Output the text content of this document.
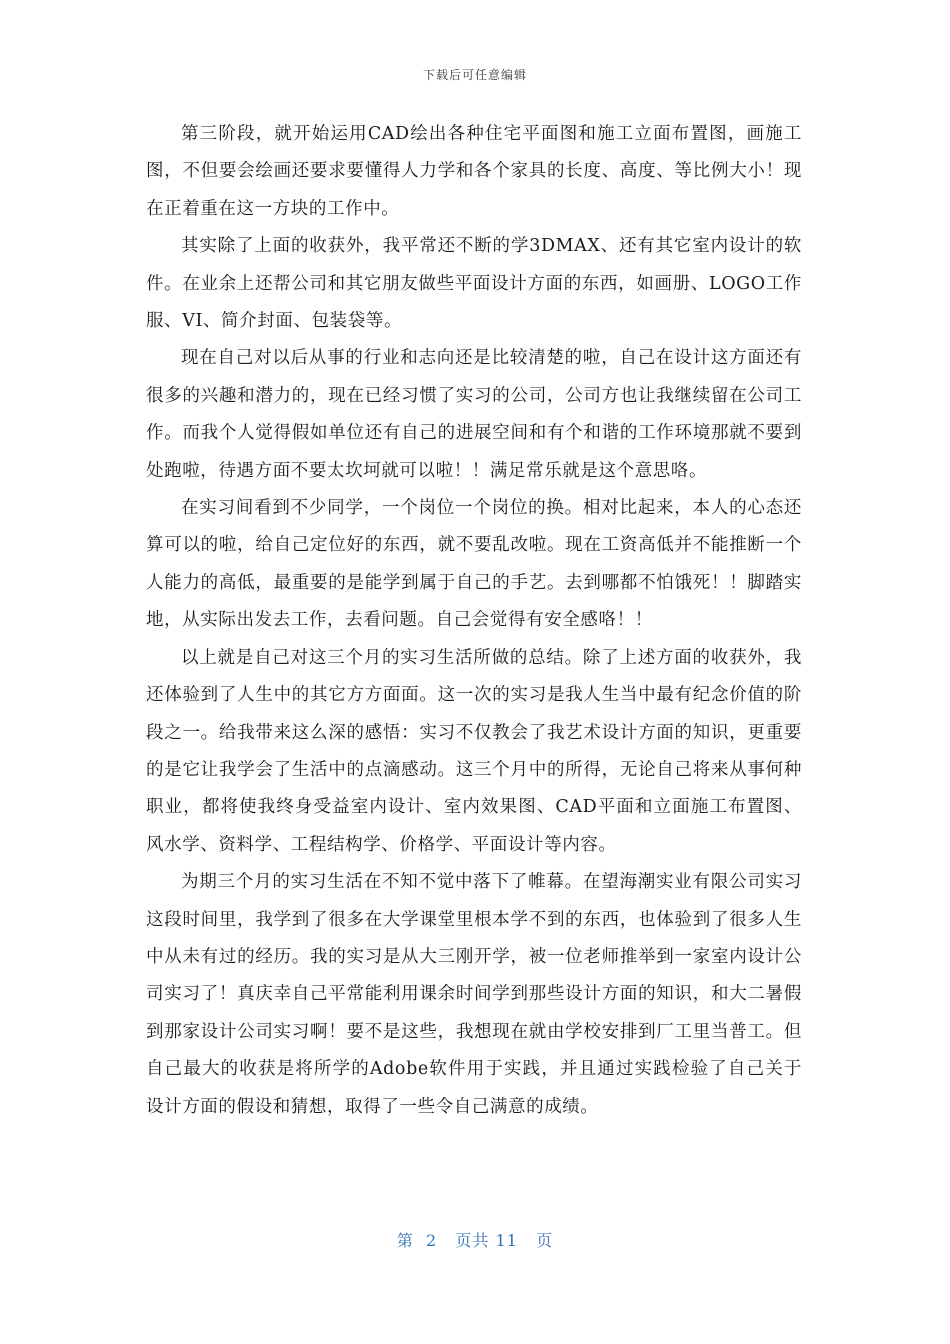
下载后可任意编辑

第三阶段，就开始运用CAD绘出各种住宅平面图和施工立面布置图，画施工图，不但要会绘画还要求要懂得人力学和各个家具的长度、高度、等比例大小！现在正着重在这一方块的工作中。

其实除了上面的收获外，我平常还不断的学3DMAX、还有其它室内设计的软件。在业余上还帮公司和其它朋友做些平面设计方面的东西，如画册、LOGO工作服、VI、简介封面、包装袋等。

现在自己对以后从事的行业和志向还是比较清楚的啦，自己在设计这方面还有很多的兴趣和潜力的，现在已经习惯了实习的公司，公司方也让我继续留在公司工作。而我个人觉得假如单位还有自己的进展空间和有个和谐的工作环境那就不要到处跑啦，待遇方面不要太坎坷就可以啦！！满足常乐就是这个意思咯。

在实习间看到不少同学，一个岗位一个岗位的换。相对比起来，本人的心态还算可以的啦，给自己定位好的东西，就不要乱改啦。现在工资高低并不能推断一个人能力的高低，最重要的是能学到属于自己的手艺。去到哪都不怕饿死！！脚踏实地，从实际出发去工作，去看问题。自己会觉得有安全感咯！！

以上就是自己对这三个月的实习生活所做的总结。除了上述方面的收获外，我还体验到了人生中的其它方方面面。这一次的实习是我人生当中最有纪念价值的阶段之一。给我带来这么深的感悟：实习不仅教会了我艺术设计方面的知识，更重要的是它让我学会了生活中的点滴感动。这三个月中的所得，无论自己将来从事何种职业，都将使我终身受益室内设计、室内效果图、CAD平面和立面施工布置图、风水学、资料学、工程结构学、价格学、平面设计等内容。

为期三个月的实习生活在不知不觉中落下了帷幕。在望海潮实业有限公司实习这段时间里，我学到了很多在大学课堂里根本学不到的东西，也体验到了很多人生中从未有过的经历。我的实习是从大三刚开学，被一位老师推举到一家室内设计公司实习了！真庆幸自己平常能利用课余时间学到那些设计方面的知识，和大二暑假到那家设计公司实习啊！要不是这些，我想现在就由学校安排到厂工里当普工。但自己最大的收获是将所学的Adobe软件用于实践，并且通过实践检验了自己关于设计方面的假设和猜想，取得了一些令自己满意的成绩。

第  2   页共 11   页
